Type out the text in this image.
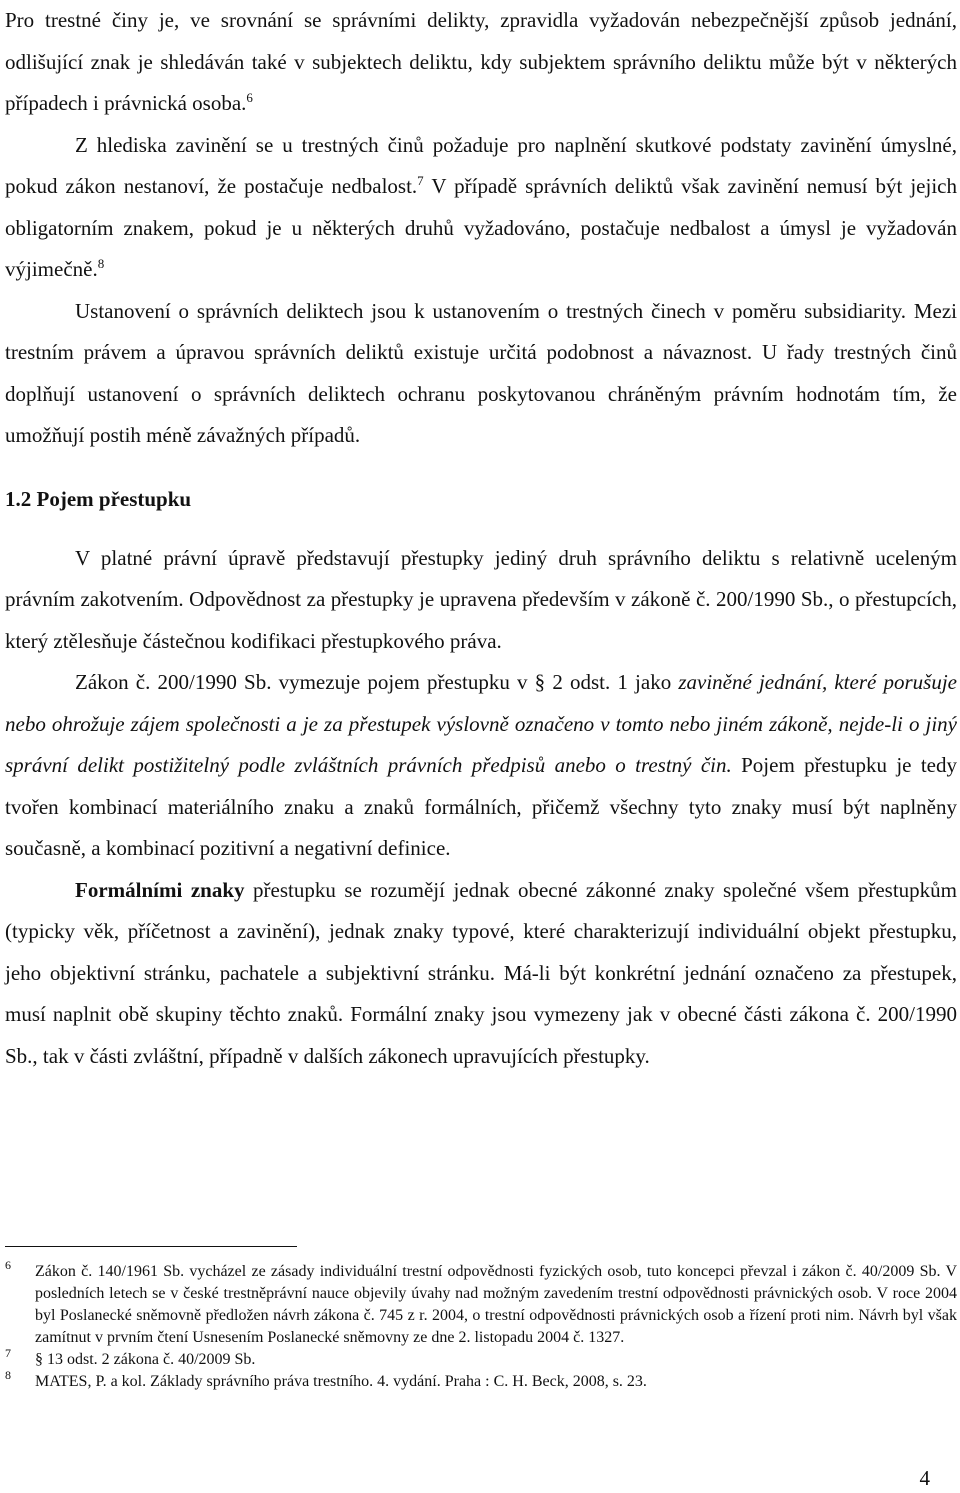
Pro trestné činy je, ve srovnání se správními delikty, zpravidla vyžadován nebezpečnější způsob jednání, odlišující znak je shledáván také v subjektech deliktu, kdy subjektem správního deliktu může být v některých případech i právnická osoba.$^6$

Z hlediska zavinění se u trestných činů požaduje pro naplnění skutkové podstaty zavinění úmyslné, pokud zákon nestanoví, že postačuje nedbalost.$^7$ V případě správních deliktů však zavinění nemusí být jejich obligatorním znakem, pokud je u některých druhů vyžadováno, postačuje nedbalost a úmysl je vyžadován výjimečně.$^8$

Ustanovení o správních deliktech jsou k ustanovením o trestných činech v poměru subsidiarity. Mezi trestním právem a úpravou správních deliktů existuje určitá podobnost a návaznost. U řady trestných činů doplňují ustanovení o správních deliktech ochranu poskytovanou chráněným právním hodnotám tím, že umožňují postih méně závažných případů.

1.2 Pojem přestupku

V platné právní úpravě představují přestupky jediný druh správního deliktu s relativně uceleným právním zakotvením. Odpovědnost za přestupky je upravena především v zákoně č. 200/1990 Sb., o přestupcích, který ztělesňuje částečnou kodifikaci přestupkového práva.

Zákon č. 200/1990 Sb. vymezuje pojem přestupku v § 2 odst. 1 jako zaviněné jednání, které porušuje nebo ohrožuje zájem společnosti a je za přestupek výslovně označeno v tomto nebo jiném zákoně, nejde-li o jiný správní delikt postižitelný podle zvláštních právních předpisů anebo o trestný čin. Pojem přestupku je tedy tvořen kombinací materiálního znaku a znaků formálních, přičemž všechny tyto znaky musí být naplněny současně, a kombinací pozitivní a negativní definice.

Formálními znaky přestupku se rozumějí jednak obecné zákonné znaky společné všem přestupkům (typicky věk, příčetnost a zavinění), jednak znaky typové, které charakterizují individuální objekt přestupku, jeho objektivní stránku, pachatele a subjektivní stránku. Má-li být konkrétní jednání označeno za přestupek, musí naplnit obě skupiny těchto znaků. Formální znaky jsou vymezeny jak v obecné části zákona č. 200/1990 Sb., tak v části zvláštní, případně v dalších zákonech upravujících přestupky.

6 Zákon č. 140/1961 Sb. vycházel ze zásady individuální trestní odpovědnosti fyzických osob, tuto koncepci převzal i zákon č. 40/2009 Sb. V posledních letech se v české trestněprávní nauce objevily úvahy nad možným zavedením trestní odpovědnosti právnických osob. V roce 2004 byl Poslanecké sněmovně předložen návrh zákona č. 745 z r. 2004, o trestní odpovědnosti právnických osob a řízení proti nim. Návrh byl však zamítnut v prvním čtení Usnesením Poslanecké sněmovny ze dne 2. listopadu 2004 č. 1327.

7 § 13 odst. 2 zákona č. 40/2009 Sb.

8 MATES, P. a kol. Základy správního práva trestního. 4. vydání. Praha : C. H. Beck, 2008, s. 23.

4
